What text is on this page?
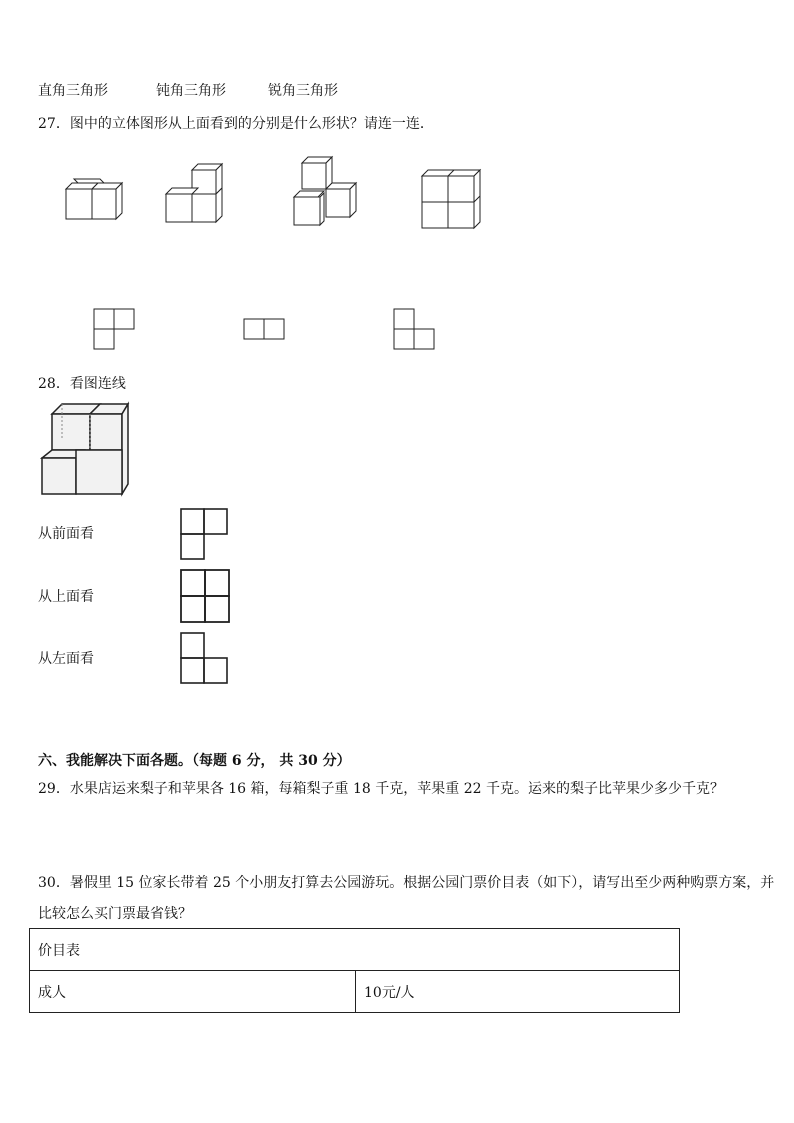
直角三角形	钝角三角形	锐角三角形
27．图中的立体图形从上面看到的分别是什么形状？请连一连．
28．看图连线
从前面看
从上面看
从左面看
六、我能解决下面各题。（每题 6 分， 共 30 分）
29．水果店运来梨子和苹果各 16 箱，每箱梨子重 18 千克，苹果重 22 千克。运来的梨子比苹果少多少千克？
30．暑假里 15 位家长带着 25 个小朋友打算去公园游玩。根据公园门票价目表（如下），请写出至少两种购票方案，并
比较怎么买门票最省钱？
价目表
成人	10元/人
